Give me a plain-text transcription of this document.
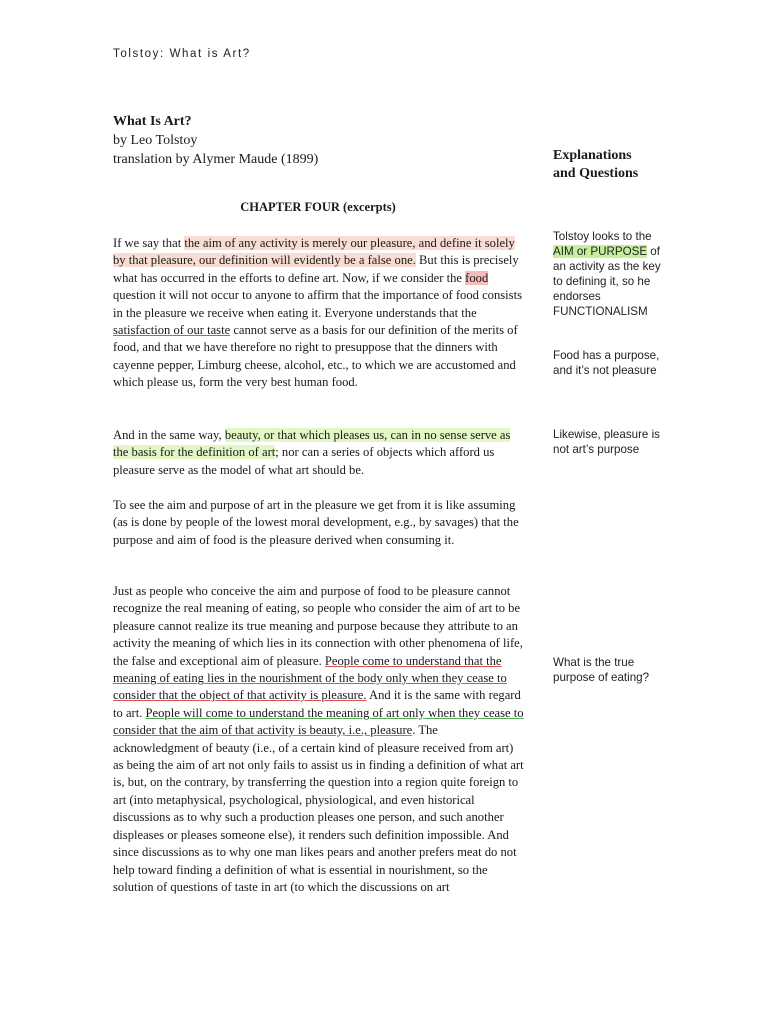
Tolstoy: What is Art?
What Is Art?
by Leo Tolstoy
translation by Alymer Maude (1899)	Explanations
and Questions
CHAPTER FOUR (excerpts)

If we say that the aim of any activity is merely our pleasure, and define it solely by that pleasure, our definition will evidently be a false one. But this is precisely what has occurred in the efforts to define art. Now, if we consider the food question it will not occur to anyone to affirm that the importance of food consists in the pleasure we receive when eating it. Everyone understands that the satisfaction of our taste cannot serve as a basis for our definition of the merits of food, and that we have therefore no right to presuppose that the dinners with cayenne pepper, Limburg cheese, alcohol, etc., to which we are accustomed and which please us, form the very best human food.

And in the same way, beauty, or that which pleases us, can in no sense serve as the basis for the definition of art; nor can a series of objects which afford us pleasure serve as the model of what art should be.

To see the aim and purpose of art in the pleasure we get from it is like assuming (as is done by people of the lowest moral development, e.g., by savages) that the purpose and aim of food is the pleasure derived when consuming it.

Just as people who conceive the aim and purpose of food to be pleasure cannot recognize the real meaning of eating, so people who consider the aim of art to be pleasure cannot realize its true meaning and purpose because they attribute to an activity the meaning of which lies in its connection with other phenomena of life, the false and exceptional aim of pleasure. People come to understand that the meaning of eating lies in the nourishment of the body only when they cease to consider that the object of that activity is pleasure. And it is the same with regard to art. People will come to understand the meaning of art only when they cease to consider that the aim of that activity is beauty, i.e., pleasure. The acknowledgment of beauty (i.e., of a certain kind of pleasure received from art) as being the aim of art not only fails to assist us in finding a definition of what art is, but, on the contrary, by transferring the question into a region quite foreign to art (into metaphysical, psychological, physiological, and even historical discussions as to why such a production pleases one person, and such another displeases or pleases someone else), it renders such definition impossible. And since discussions as to why one man likes pears and another prefers meat do not help toward finding a definition of what is essential in nourishment, so the solution of questions of taste in art (to which the discussions on art

Tolstoy looks to the AIM or PURPOSE of an activity as the key to defining it, so he endorses FUNCTIONALISM
Food has a purpose, and it’s not pleasure
Likewise, pleasure is not art’s purpose
What is the true purpose of eating?
